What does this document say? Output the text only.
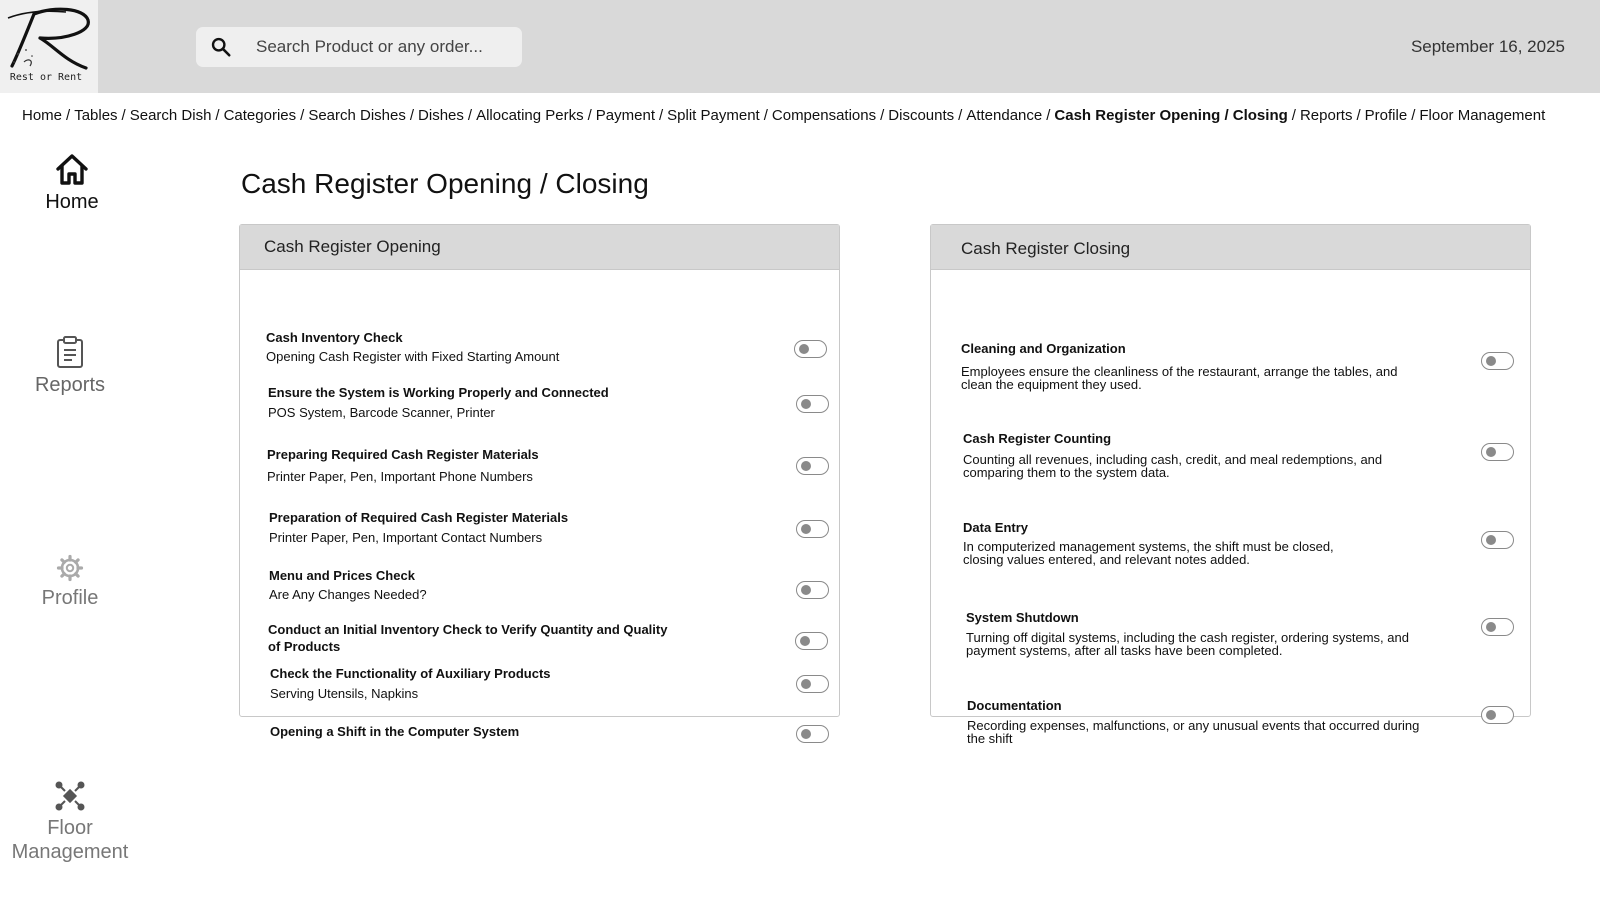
Rest or Rent
Search Product or any order...
September 16, 2025
Home / Tables / Search Dish / Categories / Search Dishes / Dishes / Allocating Perks / Payment / Split Payment / Compensations / Discounts / Attendance / Cash Register Opening / Closing / Reports / Profile / Floor Management
Home
Reports
Profile
Floor
Management
Cash Register Opening / Closing
Cash Register Opening
Cash Inventory Check
Opening Cash Register with Fixed Starting Amount
Ensure the System is Working Properly and Connected
POS System, Barcode Scanner, Printer
Preparing Required Cash Register Materials
Printer Paper, Pen, Important Phone Numbers
Preparation of Required Cash Register Materials
Printer Paper, Pen, Important Contact Numbers
Menu and Prices Check
Are Any Changes Needed?
Conduct an Initial Inventory Check to Verify Quantity and Quality
of Products
Check the Functionality of Auxiliary Products
Serving Utensils, Napkins
Opening a Shift in the Computer System
Cash Register Closing
Cleaning and Organization
Employees ensure the cleanliness of the restaurant, arrange the tables, and
clean the equipment they used.
Cash Register Counting
Counting all revenues, including cash, credit, and meal redemptions, and
comparing them to the system data.
Data Entry
In computerized management systems, the shift must be closed,
closing values entered, and relevant notes added.
System Shutdown
Turning off digital systems, including the cash register, ordering systems, and
payment systems, after all tasks have been completed.
Documentation
Recording expenses, malfunctions, or any unusual events that occurred during
the shift
